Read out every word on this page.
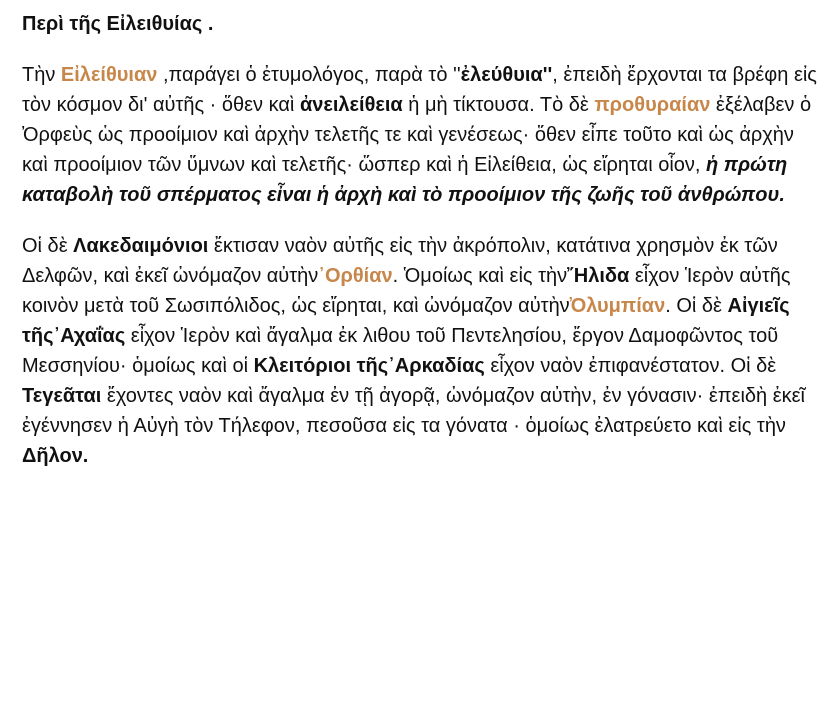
Περὶ τῆς Εἰλειθυίας .

Τὴν Εἰλείθυιαν ,παράγει ὁ ἐτυμολόγος, παρὰ τὸ ''ἐλεύθυια'', ἐπειδὴ ἔρχονται τα βρέφη εἰς τὸν κόσμον δι' αὐτῆς · ὅθεν καὶ ἀνειλείθεια ἡ μὴ τίκτουσα. Τὸ δὲ προθυραίαν ἐξέλαβεν ὁ Ὀρφεὺς ὡς προοίμιον καὶ ἀρχὴν τελετῆς τε καὶ γενέσεως· ὅθεν εἶπε τοῦτο καὶ ὡς ἀρχὴν καὶ προοίμιον τῶν ὕμνων καὶ τελετῆς· ὥσπερ καὶ ἡ Εἰλείθεια, ὡς εἴρηται οἷον, ἡ πρώτη καταβολὴ τοῦ σπέρματος εἶναι ἡ ἀρχὴ καὶ τὸ προοίμιον τῆς ζωῆς τοῦ ἀνθρώπου.

Οἱ δὲ Λακεδαιμόνιοι ἔκτισαν ναὸν αὐτῆς εἰς τὴν ἀκρόπολιν, κατάτινα χρησμὸν ἐκ τῶν Δελφῶν, καὶ ἐκεῖ ὠνόμαζον αὐτὴν᾽Ορθίαν. Ὁμοίως καὶ εἰς τὴν῎Ηλιδα εἶχον Ἱερὸν αὐτῆς κοινὸν μετὰ τοῦ Σωσιπόλιδος, ὡς εἴρηται, καὶ ὠνόμαζον αὐτὴνὈλυμπίαν. Οἱ δὲ Αἰγιεῖς τῆς᾽Αχαΐας εἶχον Ἱερὸν καὶ ἄγαλμα ἐκ λιθου τοῦ Πεντελησίου, ἔργον Δαμοφῶντος τοῦ Μεσσηνίου· ὁμοίως καὶ οἱ Κλειτόριοι τῆς᾽Αρκαδίας εἶχον ναὸν ἐπιφανέστατον. Οἱ δὲ Τεγεᾶται ἔχοντες ναὸν καὶ ἄγαλμα ἐν τῇ ἀγορᾷ, ὠνόμαζον αὐτὴν, ἐν γόνασιν· ἐπειδὴ ἐκεῖ ἐγέννησεν ἡ Αὐγὴ τὸν Τήλεφον, πεσοῦσα εἰς τα γόνατα · ὁμοίως ἐλατρεύετο καὶ εἰς τὴν Δῆλον.
